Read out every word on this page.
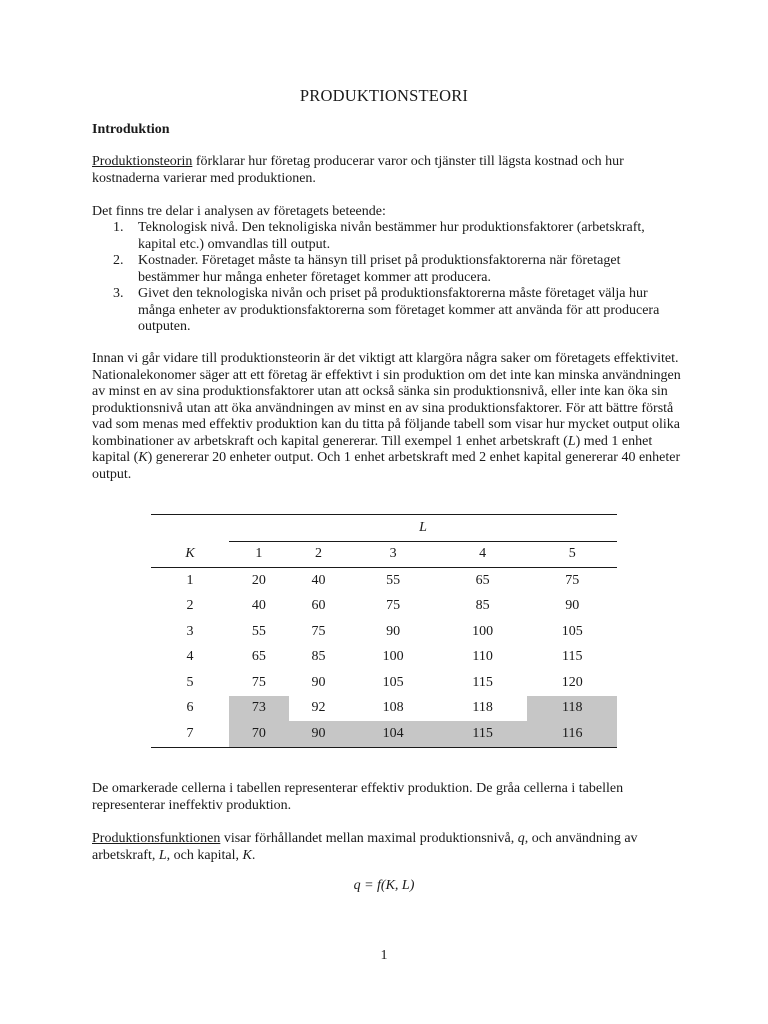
PRODUKTIONSTEORI
Introduktion
Produktionsteorin förklarar hur företag producerar varor och tjänster till lägsta kostnad och hur kostnaderna varierar med produktionen.
Det finns tre delar i analysen av företagets beteende:
1. Teknologisk nivå. Den teknoligiska nivån bestämmer hur produktionsfaktorer (arbetskraft, kapital etc.) omvandlas till output.
2. Kostnader. Företaget måste ta hänsyn till priset på produktionsfaktorerna när företaget bestämmer hur många enheter företaget kommer att producera.
3. Givet den teknologiska nivån och priset på produktionsfaktorerna måste företaget välja hur många enheter av produktionsfaktorerna som företaget kommer att använda för att producera outputen.
Innan vi går vidare till produktionsteorin är det viktigt att klargöra några saker om företagets effektivitet. Nationalekonomer säger att ett företag är effektivt i sin produktion om det inte kan minska användningen av minst en av sina produktionsfaktorer utan att också sänka sin produktionsnivå, eller inte kan öka sin produktionsnivå utan att öka användningen av minst en av sina produktionsfaktorer. För att bättre förstå vad som menas med effektiv produktion kan du titta på följande tabell som visar hur mycket output olika kombinationer av arbetskraft och kapital genererar. Till exempel 1 enhet arbetskraft (L) med 1 enhet kapital (K) genererar 20 enheter output. Och 1 enhet arbetskraft med 2 enhet kapital genererar 40 enheter output.
	L				
K	1	2	3	4	5
1	20	40	55	65	75
2	40	60	75	85	90
3	55	75	90	100	105
4	65	85	100	110	115
5	75	90	105	115	120
6	73	92	108	118	118
7	70	90	104	115	116
De omarkerade cellerna i tabellen representerar effektiv produktion. De gråa cellerna i tabellen representerar ineffektiv produktion.
Produktionsfunktionen visar förhållandet mellan maximal produktionsnivå, q, och användning av arbetskraft, L, och kapital, K.
q = f(K, L)
1
